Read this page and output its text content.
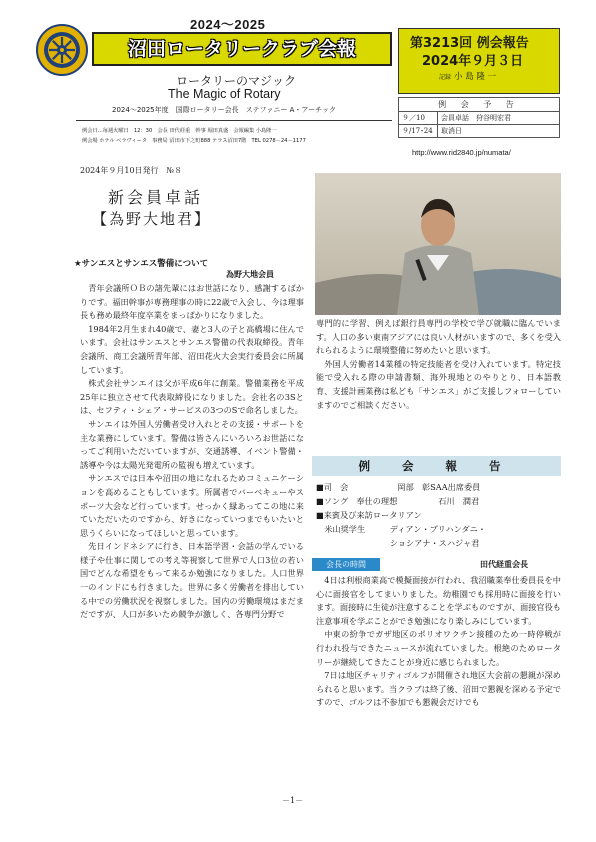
2024～2025
沼田ロータリークラブ会報
ロータリーのマジック
The Magic of Rotary
2024～2025年度　国際ロータリー会長　ステファニー A・アーチック
例会日…毎週火曜日　12：30　会長 田代経重　幹事 堀田真盛　会報編集 小島隆一
例会場 ホテル ベラヴィータ　事務局 沼田市下之町888 テラス沼田7階　TEL 0278－24－1177
第3213回 例会報告
2024年９月３日
記録 小 島 隆 一
例 会 予 告	
９／10	会員卓話　狩谷明宏君
９/17･24	取消日
http://www.rid2840.jp/numata/
2024年９月10日発行　№８
新会員卓話
【為野大地君】
★サンエスとサンエス警備について
為野大地会員

青年会議所ＯＢの諸先輩にはお世話になり、感謝するばかりです。福田幹事が専務理事の時に22歳で入会し、今は理事長も務め最終年度卒業をまっぱかりになりました。

1984年2月生まれ40歳で、妻と3人の子と高橋場に住んでいます。会社はサンエスとサンエス警備の代表取締役。青年会議所、商工会議所青年部、沼田花火大会実行委員会に所属しています。

株式会社サンエイは父が平成6年に創業。警備業務を平成25年に独立させて代表取締役になりました。会社名の3Sとは、セフティ・シェア・サービスの3つのSで命名しました。

サンエイは外国人労働者受け入れとその支援・サポートを主な業務にしています。警備は皆さんにいろいろお世話になってご利用いただいていますが、交通誘導、イベント警備・誘導や今は太陽光発電所の監視も増えています。

サンエスでは日本や沼田の地になれるためコミュニケーションを高めることもしています。所属者でバーベキューやスポーツ大会など行っています。せっかく縁あってこの地に来ていただいたのですから、好きになっていつまでもいたいと思うくらいになってほしいと思っています。

先日インドネシアに行き、日本語学習・会話の学んでいる様子や仕事に関しての考え等視察して世界で人口3位の若い国でどんな希望をもって来るか勉強になりました。人口世界一のインドにも行きました。世界に多く労働者を排出している中での労働状況を視察しました。国内の労働環境はまだまだですが、人口が多いため競争が激しく、各専門分野で

専門的に学習、例えば銀行員専門の学校で学び就職に臨んでいます。人口の多い東南アジアには良い人材がいますので、多くを受入れられるように環境整備に努めたいと思います。

外国人労働者14業種の特定技能者を受け入れています。特定技能で受入れる際の申請書類、海外現地とのやりとり、日本語教育、支援計画業務は私ども「サンエス」がご支援しフォローしていますのでご相談ください。

例 会 報 告
■司　会　　　　　　岡部　彰SAA出席委員
■ソング　奉仕の理想　　　　　石川　潤君
■来賓及び来訪ロータリアン
　米山奨学生　　　ディアン・プリハンダニ・
　　　　　　　　　ショシアナ・スハジャ君
会長の時間	田代経重会長

4日は利根商業高で模擬面接が行われ、我沼職業奉仕委員長を中心に面接官をしてまいりました。幼稚園でも採用時に面接を行います。面接時に生徒が注意することを学ぶものですが、面接官役も注意事項を学ぶことができ勉強になり楽しみにしています。

中東の紛争でガザ地区のポリオワクチン接種のため一時停戦が行われ投与できたニュースが流れていました。根絶のためロータリーが継続してきたことが身近に感じられました。

7日は地区チャリティゴルフが開催され地区大会前の懇親が深められると思います。当クラブは終了後、沼田で懇親を深める予定ですので、ゴルフは不参加でも懇親会だけでも

－1－
